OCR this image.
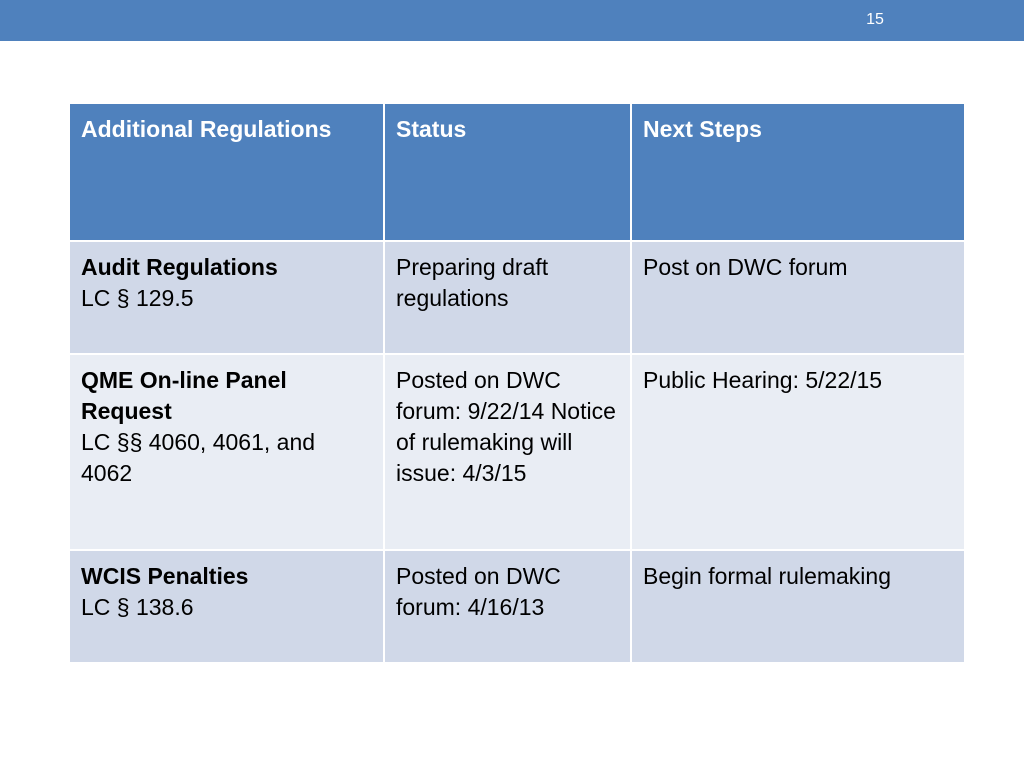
15
Additional Regulations	Status	Next Steps

Audit Regulations
LC § 129.5	Preparing draft regulations	Post on DWC forum

QME On-line Panel Request
LC §§ 4060, 4061, and 4062	Posted on DWC forum: 9/22/14 Notice of rulemaking will issue: 4/3/15	Public Hearing: 5/22/15

WCIS Penalties
LC § 138.6	Posted on DWC forum: 4/16/13	Begin formal rulemaking
